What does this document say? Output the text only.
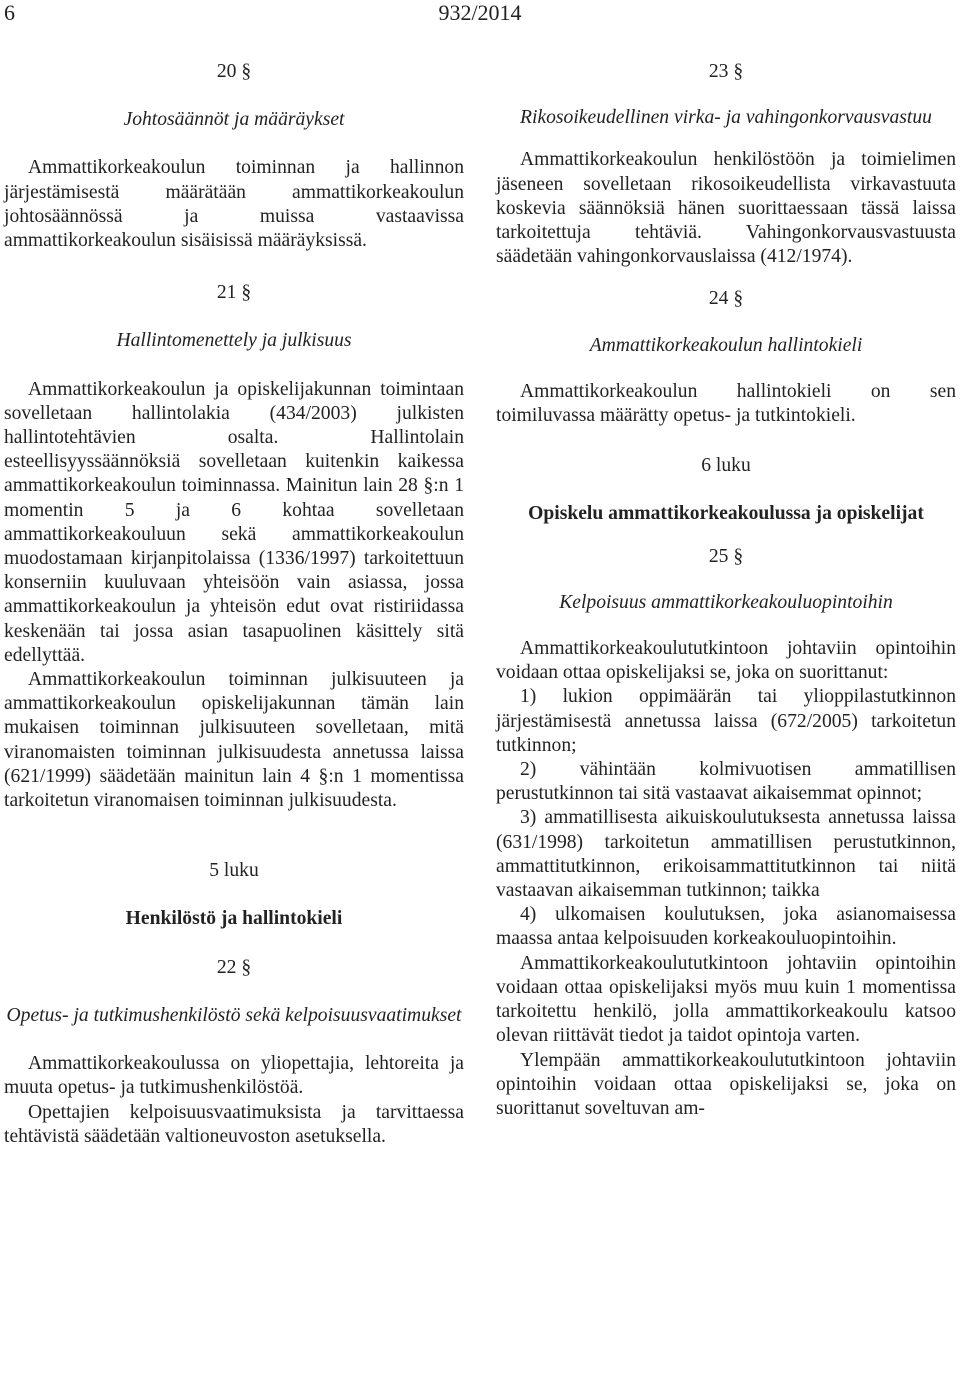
6	932/2014

20 §

Johtosäännöt ja määräykset

Ammattikorkeakoulun toiminnan ja hallinnon järjestämisestä määrätään ammattikorkeakoulun johtosäännössä ja muissa vastaavissa ammattikorkeakoulun sisäisissä määräyksissä.

21 §

Hallintomenettely ja julkisuus

Ammattikorkeakoulun ja opiskelijakunnan toimintaan sovelletaan hallintolakia (434/2003) julkisten hallintotehtävien osalta. Hallintolain esteellisyyssäännöksiä sovelletaan kuitenkin kaikessa ammattikorkeakoulun toiminnassa. Mainitun lain 28 §:n 1 momentin 5 ja 6 kohtaa sovelletaan ammattikorkeakouluun sekä ammattikorkeakoulun muodostamaan kirjanpitolaissa (1336/1997) tarkoitettuun konserniin kuuluvaan yhteisöön vain asiassa, jossa ammattikorkeakoulun ja yhteisön edut ovat ristiriidassa keskenään tai jossa asian tasapuolinen käsittely sitä edellyttää.

Ammattikorkeakoulun toiminnan julkisuuteen ja ammattikorkeakoulun opiskelijakunnan tämän lain mukaisen toiminnan julkisuuteen sovelletaan, mitä viranomaisten toiminnan julkisuudesta annetussa laissa (621/1999) säädetään mainitun lain 4 §:n 1 momentissa tarkoitetun viranomaisen toiminnan julkisuudesta.

5 luku

Henkilöstö ja hallintokieli

22 §

Opetus- ja tutkimushenkilöstö sekä kelpoisuusvaatimukset

Ammattikorkeakoulussa on yliopettajia, lehtoreita ja muuta opetus- ja tutkimushenkilöstöä.

Opettajien kelpoisuusvaatimuksista ja tarvittaessa tehtävistä säädetään valtioneuvoston asetuksella.

23 §

Rikosoikeudellinen virka- ja vahingonkorvausvastuu

Ammattikorkeakoulun henkilöstöön ja toimielimen jäseneen sovelletaan rikosoikeudellista virkavastuuta koskevia säännöksiä hänen suorittaessaan tässä laissa tarkoitettuja tehtäviä. Vahingonkorvausvastuusta säädetään vahingonkorvauslaissa (412/1974).

24 §

Ammattikorkeakoulun hallintokieli

Ammattikorkeakoulun hallintokieli on sen toimiluvassa määrätty opetus- ja tutkintokieli.

6 luku

Opiskelu ammattikorkeakoulussa ja opiskelijat

25 §

Kelpoisuus ammattikorkeakouluopintoihin

Ammattikorkeakoulututkintoon johtaviin opintoihin voidaan ottaa opiskelijaksi se, joka on suorittanut:

1) lukion oppimäärän tai ylioppilastutkinnon järjestämisestä annetussa laissa (672/2005) tarkoitetun tutkinnon;

2) vähintään kolmivuotisen ammatillisen perustutkinnon tai sitä vastaavat aikaisemmat opinnot;

3) ammatillisesta aikuiskoulutuksesta annetussa laissa (631/1998) tarkoitetun ammatillisen perustutkinnon, ammattitutkinnon, erikoisammattitutkinnon tai niitä vastaavan aikaisemman tutkinnon; taikka

4) ulkomaisen koulutuksen, joka asianomaisessa maassa antaa kelpoisuuden korkeakouluopintoihin.

Ammattikorkeakoulututkintoon johtaviin opintoihin voidaan ottaa opiskelijaksi myös muu kuin 1 momentissa tarkoitettu henkilö, jolla ammattikorkeakoulu katsoo olevan riittävät tiedot ja taidot opintoja varten.

Ylempään ammattikorkeakoulututkintoon johtaviin opintoihin voidaan ottaa opiskelijaksi se, joka on suorittanut soveltuvan am-
